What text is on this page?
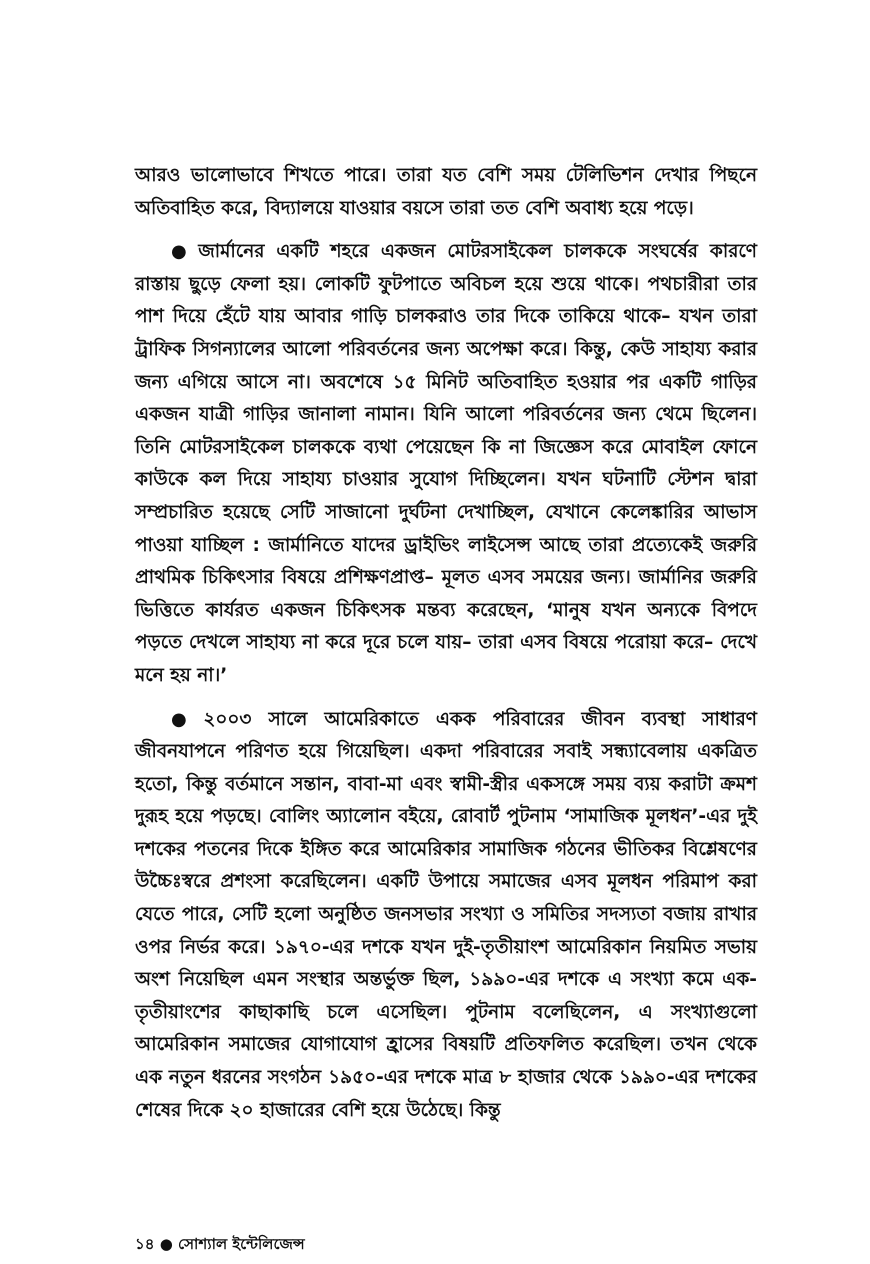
আরও ভালোভাবে শিখতে পারে। তারা যত বেশি সময় টেলিভিশন দেখার পিছনে অতিবাহিত করে, বিদ্যালয়ে যাওয়ার বয়সে তারা তত বেশি অবাধ্য হয়ে পড়ে।

● জার্মানের একটি শহরে একজন মোটরসাইকেল চালককে সংঘর্ষের কারণে রাস্তায় ছুড়ে ফেলা হয়। লোকটি ফুটপাতে অবিচল হয়ে শুয়ে থাকে। পথচারীরা তার পাশ দিয়ে হেঁটে যায় আবার গাড়ি চালকরাও তার দিকে তাকিয়ে থাকে– যখন তারা ট্রাফিক সিগন্যালের আলো পরিবর্তনের জন্য অপেক্ষা করে। কিন্তু, কেউ সাহায্য করার জন্য এগিয়ে আসে না। অবশেষে ১৫ মিনিট অতিবাহিত হওয়ার পর একটি গাড়ির একজন যাত্রী গাড়ির জানালা নামান। যিনি আলো পরিবর্তনের জন্য থেমে ছিলেন। তিনি মোটরসাইকেল চালককে ব্যথা পেয়েছেন কি না জিজ্ঞেস করে মোবাইল ফোনে কাউকে কল দিয়ে সাহায্য চাওয়ার সুযোগ দিচ্ছিলেন। যখন ঘটনাটি স্টেশন দ্বারা সম্প্রচারিত হয়েছে সেটি সাজানো দুর্ঘটনা দেখাচ্ছিল, যেখানে কেলেঙ্কারির আভাস পাওয়া যাচ্ছিল : জার্মানিতে যাদের ড্রাইভিং লাইসেন্স আছে তারা প্রত্যেকেই জরুরি প্রাথমিক চিকিৎসার বিষয়ে প্রশিক্ষণপ্রাপ্ত– মূলত এসব সময়ের জন্য। জার্মানির জরুরি ভিত্তিতে কার্যরত একজন চিকিৎসক মন্তব্য করেছেন, ‘মানুষ যখন অন্যকে বিপদে পড়তে দেখলে সাহায্য না করে দূরে চলে যায়– তারা এসব বিষয়ে পরোয়া করে– দেখে মনে হয় না।’

● ২০০৩ সালে আমেরিকাতে একক পরিবারের জীবন ব্যবস্থা সাধারণ জীবনযাপনে পরিণত হয়ে গিয়েছিল। একদা পরিবারের সবাই সন্ধ্যাবেলায় একত্রিত হতো, কিন্তু বর্তমানে সন্তান, বাবা-মা এবং স্বামী-স্ত্রীর একসঙ্গে সময় ব্যয় করাটা ক্রমশ দুরূহ হয়ে পড়ছে। বোলিং অ্যালোন বইয়ে, রোবার্ট পুটনাম ‘সামাজিক মূলধন’-এর দুই দশকের পতনের দিকে ইঙ্গিত করে আমেরিকার সামাজিক গঠনের ভীতিকর বিশ্লেষণের উচ্চৈঃস্বরে প্রশংসা করেছিলেন। একটি উপায়ে সমাজের এসব মূলধন পরিমাপ করা যেতে পারে, সেটি হলো অনুষ্ঠিত জনসভার সংখ্যা ও সমিতির সদস্যতা বজায় রাখার ওপর নির্ভর করে। ১৯৭০-এর দশকে যখন দুই-তৃতীয়াংশ আমেরিকান নিয়মিত সভায় অংশ নিয়েছিল এমন সংস্থার অন্তর্ভুক্ত ছিল, ১৯৯০-এর দশকে এ সংখ্যা কমে এক-তৃতীয়াংশের কাছাকাছি চলে এসেছিল। পুটনাম বলেছিলেন, এ সংখ্যাগুলো আমেরিকান সমাজের যোগাযোগ হ্রাসের বিষয়টি প্রতিফলিত করেছিল। তখন থেকে এক নতুন ধরনের সংগঠন ১৯৫০-এর দশকে মাত্র ৮ হাজার থেকে ১৯৯০-এর দশকের শেষের দিকে ২০ হাজারের বেশি হয়ে উঠেছে। কিন্তু

১৪ ● সোশ্যাল ইন্টেলিজেন্স
